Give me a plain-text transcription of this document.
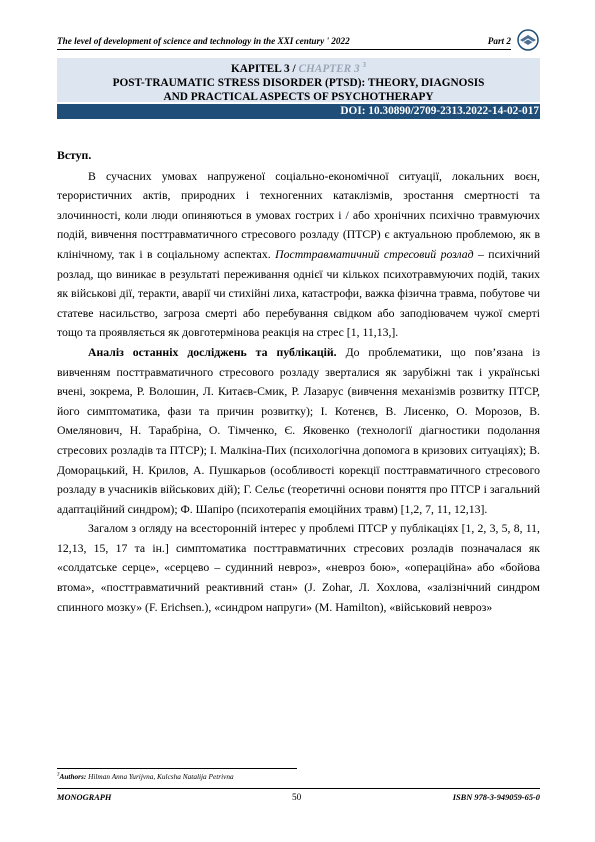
The level of development of science and technology in the XXI century ' 2022	Part 2
KAPITEL 3 / CHAPTER 3 $^3$
POST-TRAUMATIC STRESS DISORDER (PTSD): THEORY, DIAGNOSIS
AND PRACTICAL ASPECTS OF PSYCHOTHERAPY
DOI: 10.30890/2709-2313.2022-14-02-017

Вступ.

В сучасних умовах напруженої соціально-економічної ситуації, локальних воєн, терористичних актів, природних і техногенних катаклізмів, зростання смертності та злочинності, коли люди опиняються в умовах гострих і / або хронічних психічно травмуючих подій, вивчення посттравматичного стресового розладу (ПТСР) є актуальною проблемою, як в клінічному, так і в соціальному аспектах. Посттравматичний стресовий розлад – психічний розлад, що виникає в результаті переживання однієї чи кількох психотравмуючих подій, таких як військові дії, теракти, аварії чи стихійні лиха, катастрофи, важка фізична травма, побутове чи статеве насильство, загроза смерті або перебування свідком або заподіювачем чужої смерті тощо та проявляється як довготермінова реакція на стрес [1, 11,13,].

Аналіз останніх досліджень та публікацій. До проблематики, що пов’язана із вивченням посттравматичного стресового розладу зверталися як зарубіжні так і українські вчені, зокрема, Р. Волошин, Л. Китаєв-Смик, Р. Лазарус (вивчення механізмів розвитку ПТСР, його симптоматика, фази та причин розвитку); І. Котенєв, В. Лисенко, О. Морозов, В. Омелянович, Н. Тарабріна, О. Тімченко, Є. Яковенко (технології діагностики подолання стресових розладів та ПТСР); І. Малкіна-Пих (психологічна допомога в кризових ситуаціях); В. Доморацький, Н. Крилов, А. Пушкарьов (особливості корекції посттравматичного стресового розладу в учасників військових дій); Г. Сельє (теоретичні основи поняття про ПТСР і загальний адаптаційний синдром); Ф. Шапіро (психотерапія емоційних травм) [1,2, 7, 11, 12,13].

Загалом з огляду на всесторонній інтерес у проблемі ПТСР у публікаціях [1, 2, 3, 5, 8, 11, 12,13, 15, 17 та ін.] симптоматика посттравматичних стресових розладів позначалася як «солдатське серце», «серцево – судинний невроз», «невроз бою», «операційна» або «бойова втома», «посттравматичний реактивний стан» (J. Zohar, Л. Хохлова, «залізнічний синдром спинного мозку» (F. Erichsen.), «синдром напруги» (M. Hamilton), «військовий невроз»

$^3$Authors: Hilman Anna Yurijvna, Kulcsha Natalija Petrivna
MONOGRAPH	50	ISBN 978-3-949059-65-0
